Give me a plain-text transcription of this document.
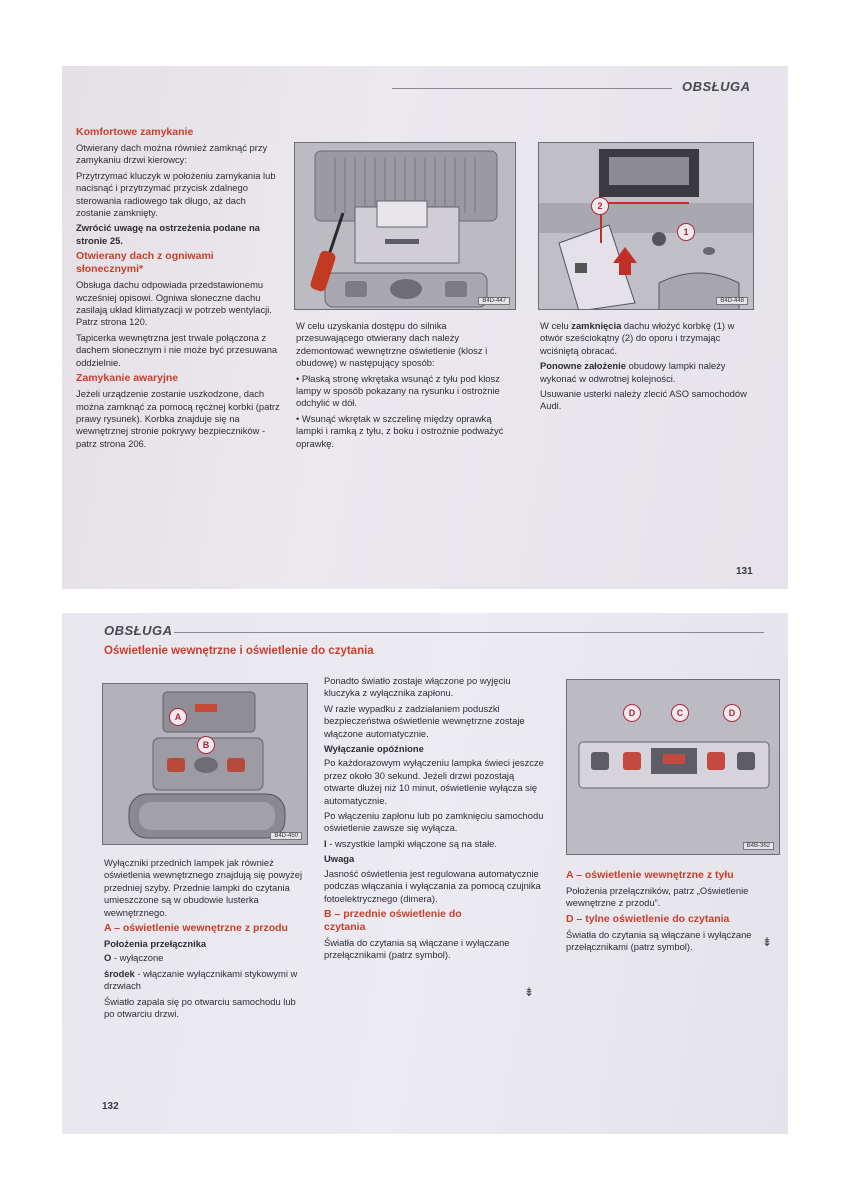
OBSŁUGA
Komfortowe zamykanie

Otwierany dach można również zamknąć przy zamykaniu drzwi kierowcy:

Przytrzymać kluczyk w położeniu zamykania lub nacisnąć i przytrzymać przycisk zdalnego sterowania radiowego tak długo, aż dach zostanie zamknięty.

Zwrócić uwagę na ostrzeżenia podane na stronie 25.

Otwierany dach z ogniwami słonecznymi*

Obsługa dachu odpowiada przedstawionemu wcześniej opisowi. Ogniwa słoneczne dachu zasilają układ klimatyzacji w potrzeb wentylacji. Patrz strona 120.

Tapicerka wewnętrzna jest trwale połączona z dachem słonecznym i nie może być przesuwana oddzielnie.

Zamykanie awaryjne

Jeżeli urządzenie zostanie uszkodzone, dach można zamknąć za pomocą ręcznej korbki (patrz prawy rysunek). Korbka znajduje się na wewnętrznej stronie pokrywy bezpieczników - patrz strona 206.

B4D-447

W celu uzyskania dostępu do silnika przesuwającego otwierany dach należy zdemontować wewnętrzne oświetlenie (klosz i obudowę) w następujący sposób:

• Płaską stronę wkrętaka wsunąć z tyłu pod klosz lampy w sposób pokazany na rysunku i ostrożnie odchylić w dół.

• Wsunąć wkrętak w szczelinę między oprawką lampki i ramką z tyłu, z boku i ostrożnie podważyć oprawkę.

2
1
B4D-448

W celu zamknięcia dachu włożyć korbkę (1) w otwór sześciokątny (2) do oporu i trzymając wciśniętą obracać.

Ponowne założenie obudowy lampki należy wykonać w odwrotnej kolejności.

Usuwanie usterki należy zlecić ASO samochodów Audi.

131
OBSŁUGA
Oświetlenie wewnętrzne i oświetlenie do czytania
A
B
B4D-450

Wyłączniki przednich lampek jak również oświetlenia wewnętrznego znajdują się powyżej przedniej szyby. Przednie lampki do czytania umieszczone są w obudowie lusterka wewnętrznego.

A – oświetlenie wewnętrzne z przodu
Położenia przełącznika

O - wyłączone

środek - włączanie wyłącznikami stykowymi w drzwiach

Światło zapala się po otwarciu samochodu lub po otwarciu drzwi.

Ponadto światło zostaje włączone po wyjęciu kluczyka z wyłącznika zapłonu.

W razie wypadku z zadziałaniem poduszki bezpieczeństwa oświetlenie wewnętrzne zostaje włączone automatycznie.

Wyłączanie opóźnione

Po każdorazowym wyłączeniu lampka świeci jeszcze przez około 30 sekund. Jeżeli drzwi pozostają otwarte dłużej niż 10 minut, oświetlenie wyłącza się automatycznie.

Po włączeniu zapłonu lub po zamknięciu samochodu oświetlenie zawsze się wyłącza.

I - wszystkie lampki włączone są na stałe.

Uwaga

Jasność oświetlenia jest regulowana automatycznie podczas włączania i wyłączania za pomocą czujnika fotoelektrycznego (dimera).

B – przednie oświetlenie do czytania

Światła do czytania są włączane i wyłączane przełącznikami (patrz symbol).

⇟
D	C	D
B4B-362
A – oświetlenie wewnętrzne z tyłu

Położenia przełączników, patrz „Oświetlenie wewnętrzne z przodu”.

D – tylne oświetlenie do czytania

Światła do czytania są włączane i wyłączane przełącznikami (patrz symbol).	⇟
132
